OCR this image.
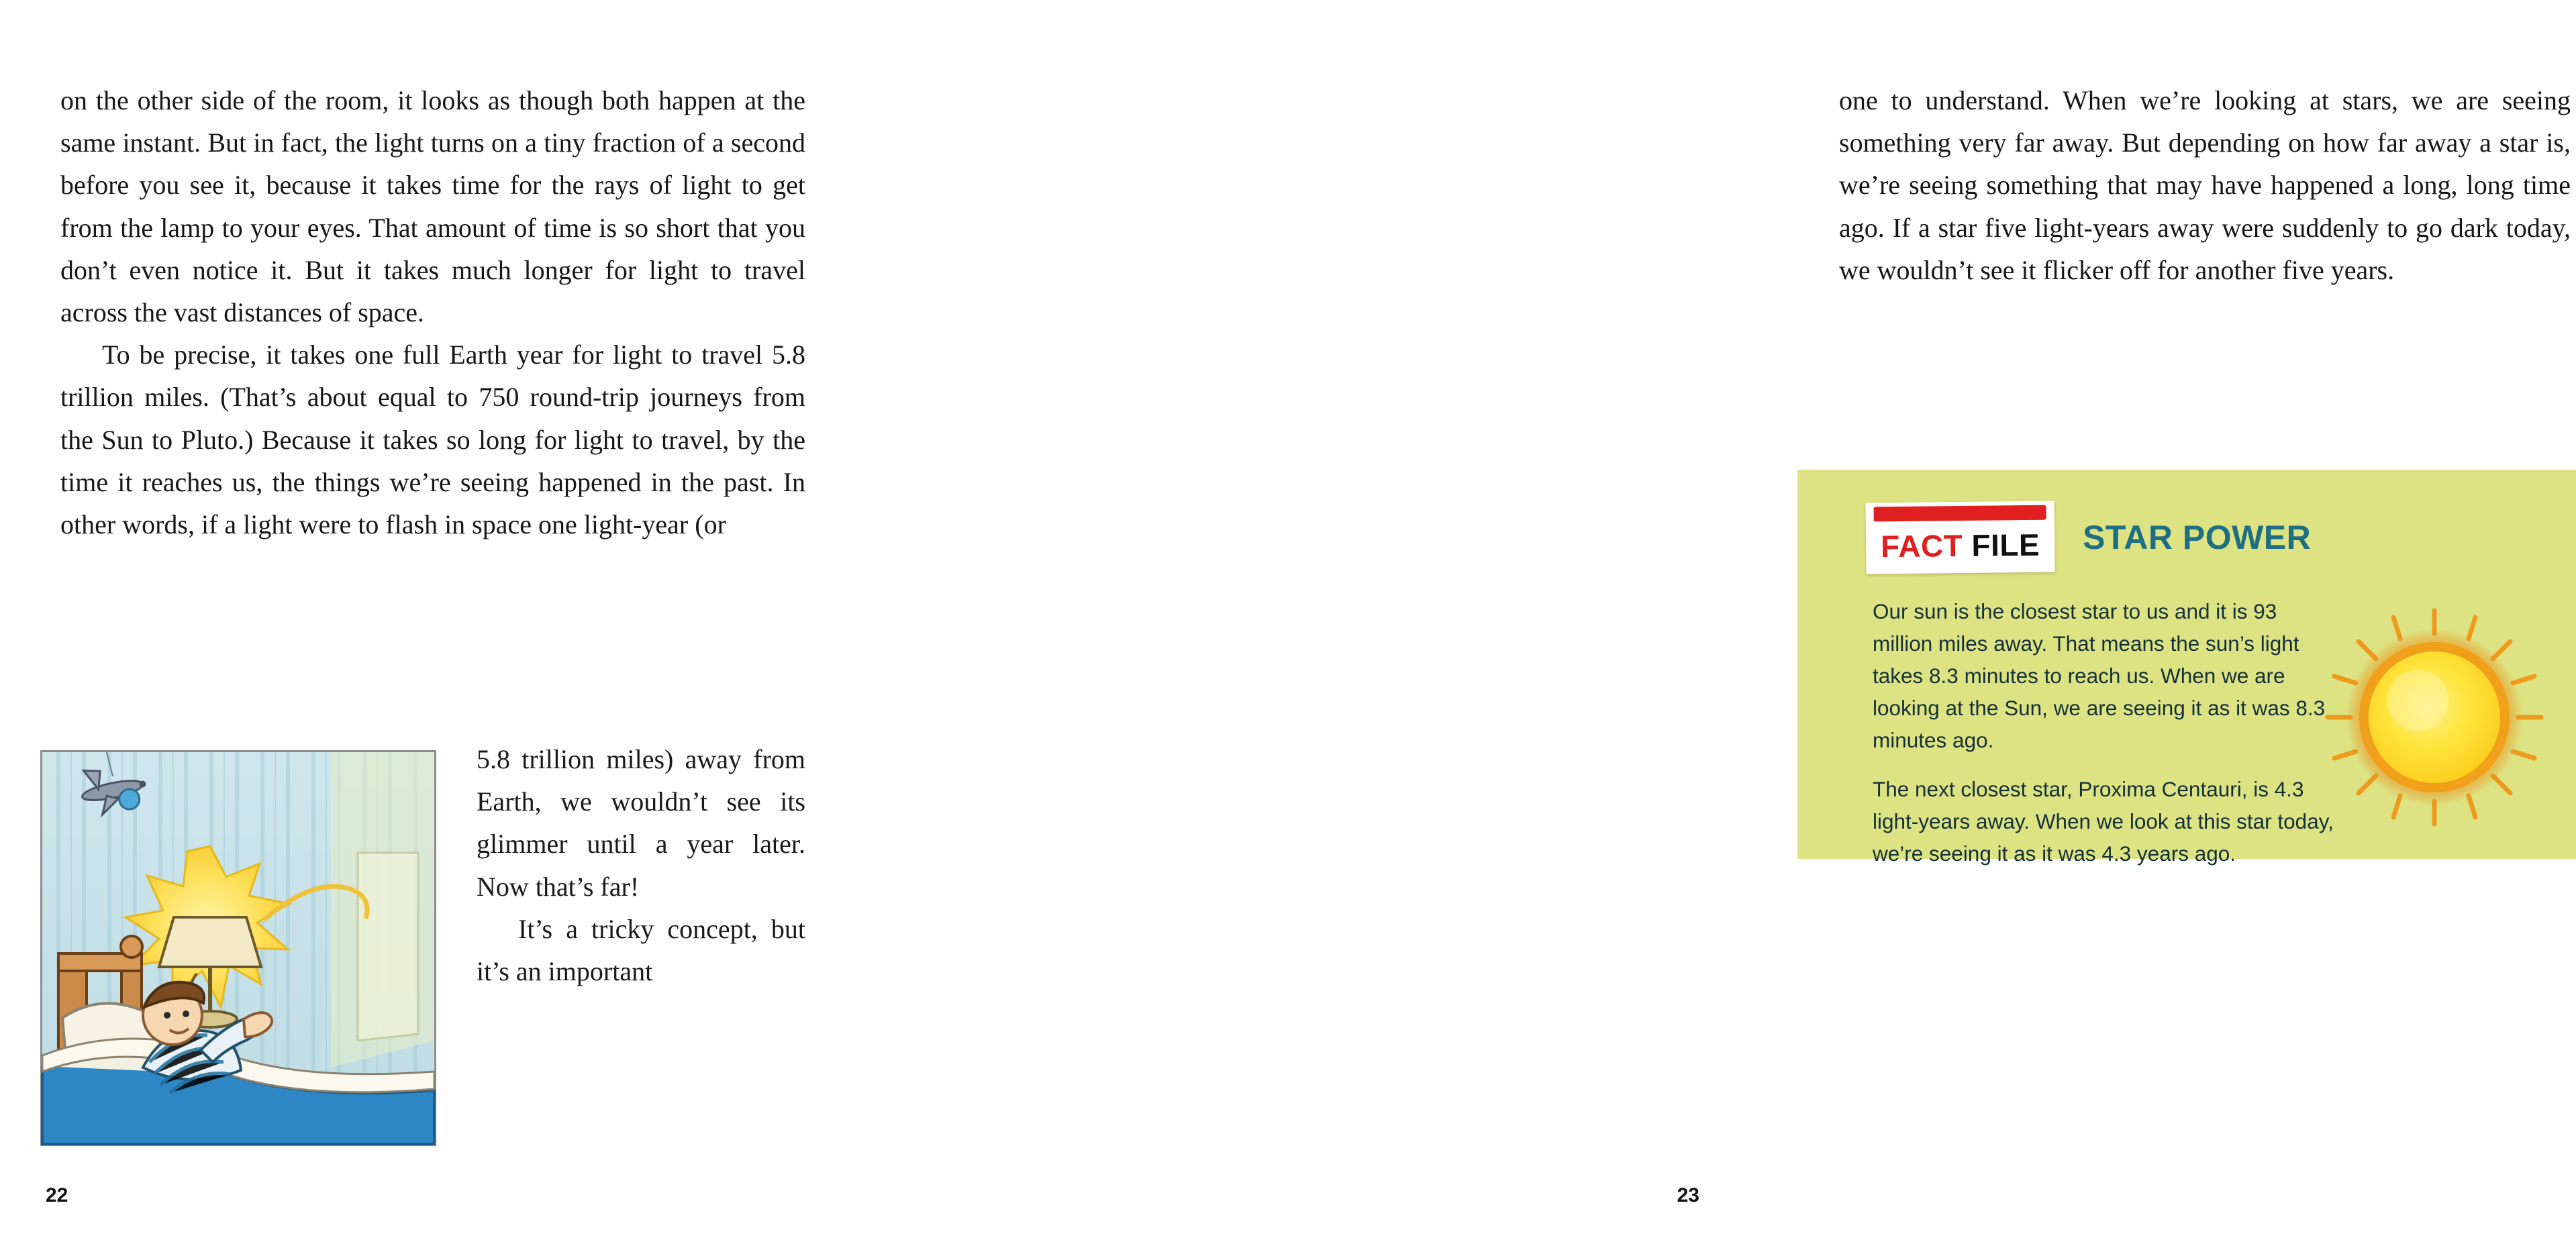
on the other side of the room, it looks as though both happen at the same instant. But in fact, the light turns on a tiny fraction of a second before you see it, because it takes time for the rays of light to get from the lamp to your eyes. That amount of time is so short that you don’t even notice it. But it takes much longer for light to travel across the vast distances of space.

To be precise, it takes one full Earth year for light to travel 5.8 trillion miles. (That’s about equal to 750 round-trip journeys from the Sun to Pluto.) Because it takes so long for light to travel, by the time it reaches us, the things we’re seeing happened in the past. In other words, if a light were to flash in space one light-year (or

5.8 trillion miles) away from Earth, we wouldn’t see its glimmer until a year later. Now that’s far!

It’s a tricky concept, but it’s an important

22

one to understand. When we’re looking at stars, we are seeing something very far away. But depending on how far away a star is, we’re seeing something that may have happened a long, long time ago. If a star five light-years away were suddenly to go dark today, we wouldn’t see it flicker off for another five years.

FACT FILE STAR POWER

Our sun is the closest star to us and it is 93 million miles away. That means the sun’s light takes 8.3 minutes to reach us. When we are looking at the Sun, we are seeing it as it was 8.3 minutes ago.

The next closest star, Proxima Centauri, is 4.3 light-years away. When we look at this star today, we’re seeing it as it was 4.3 years ago.

23
